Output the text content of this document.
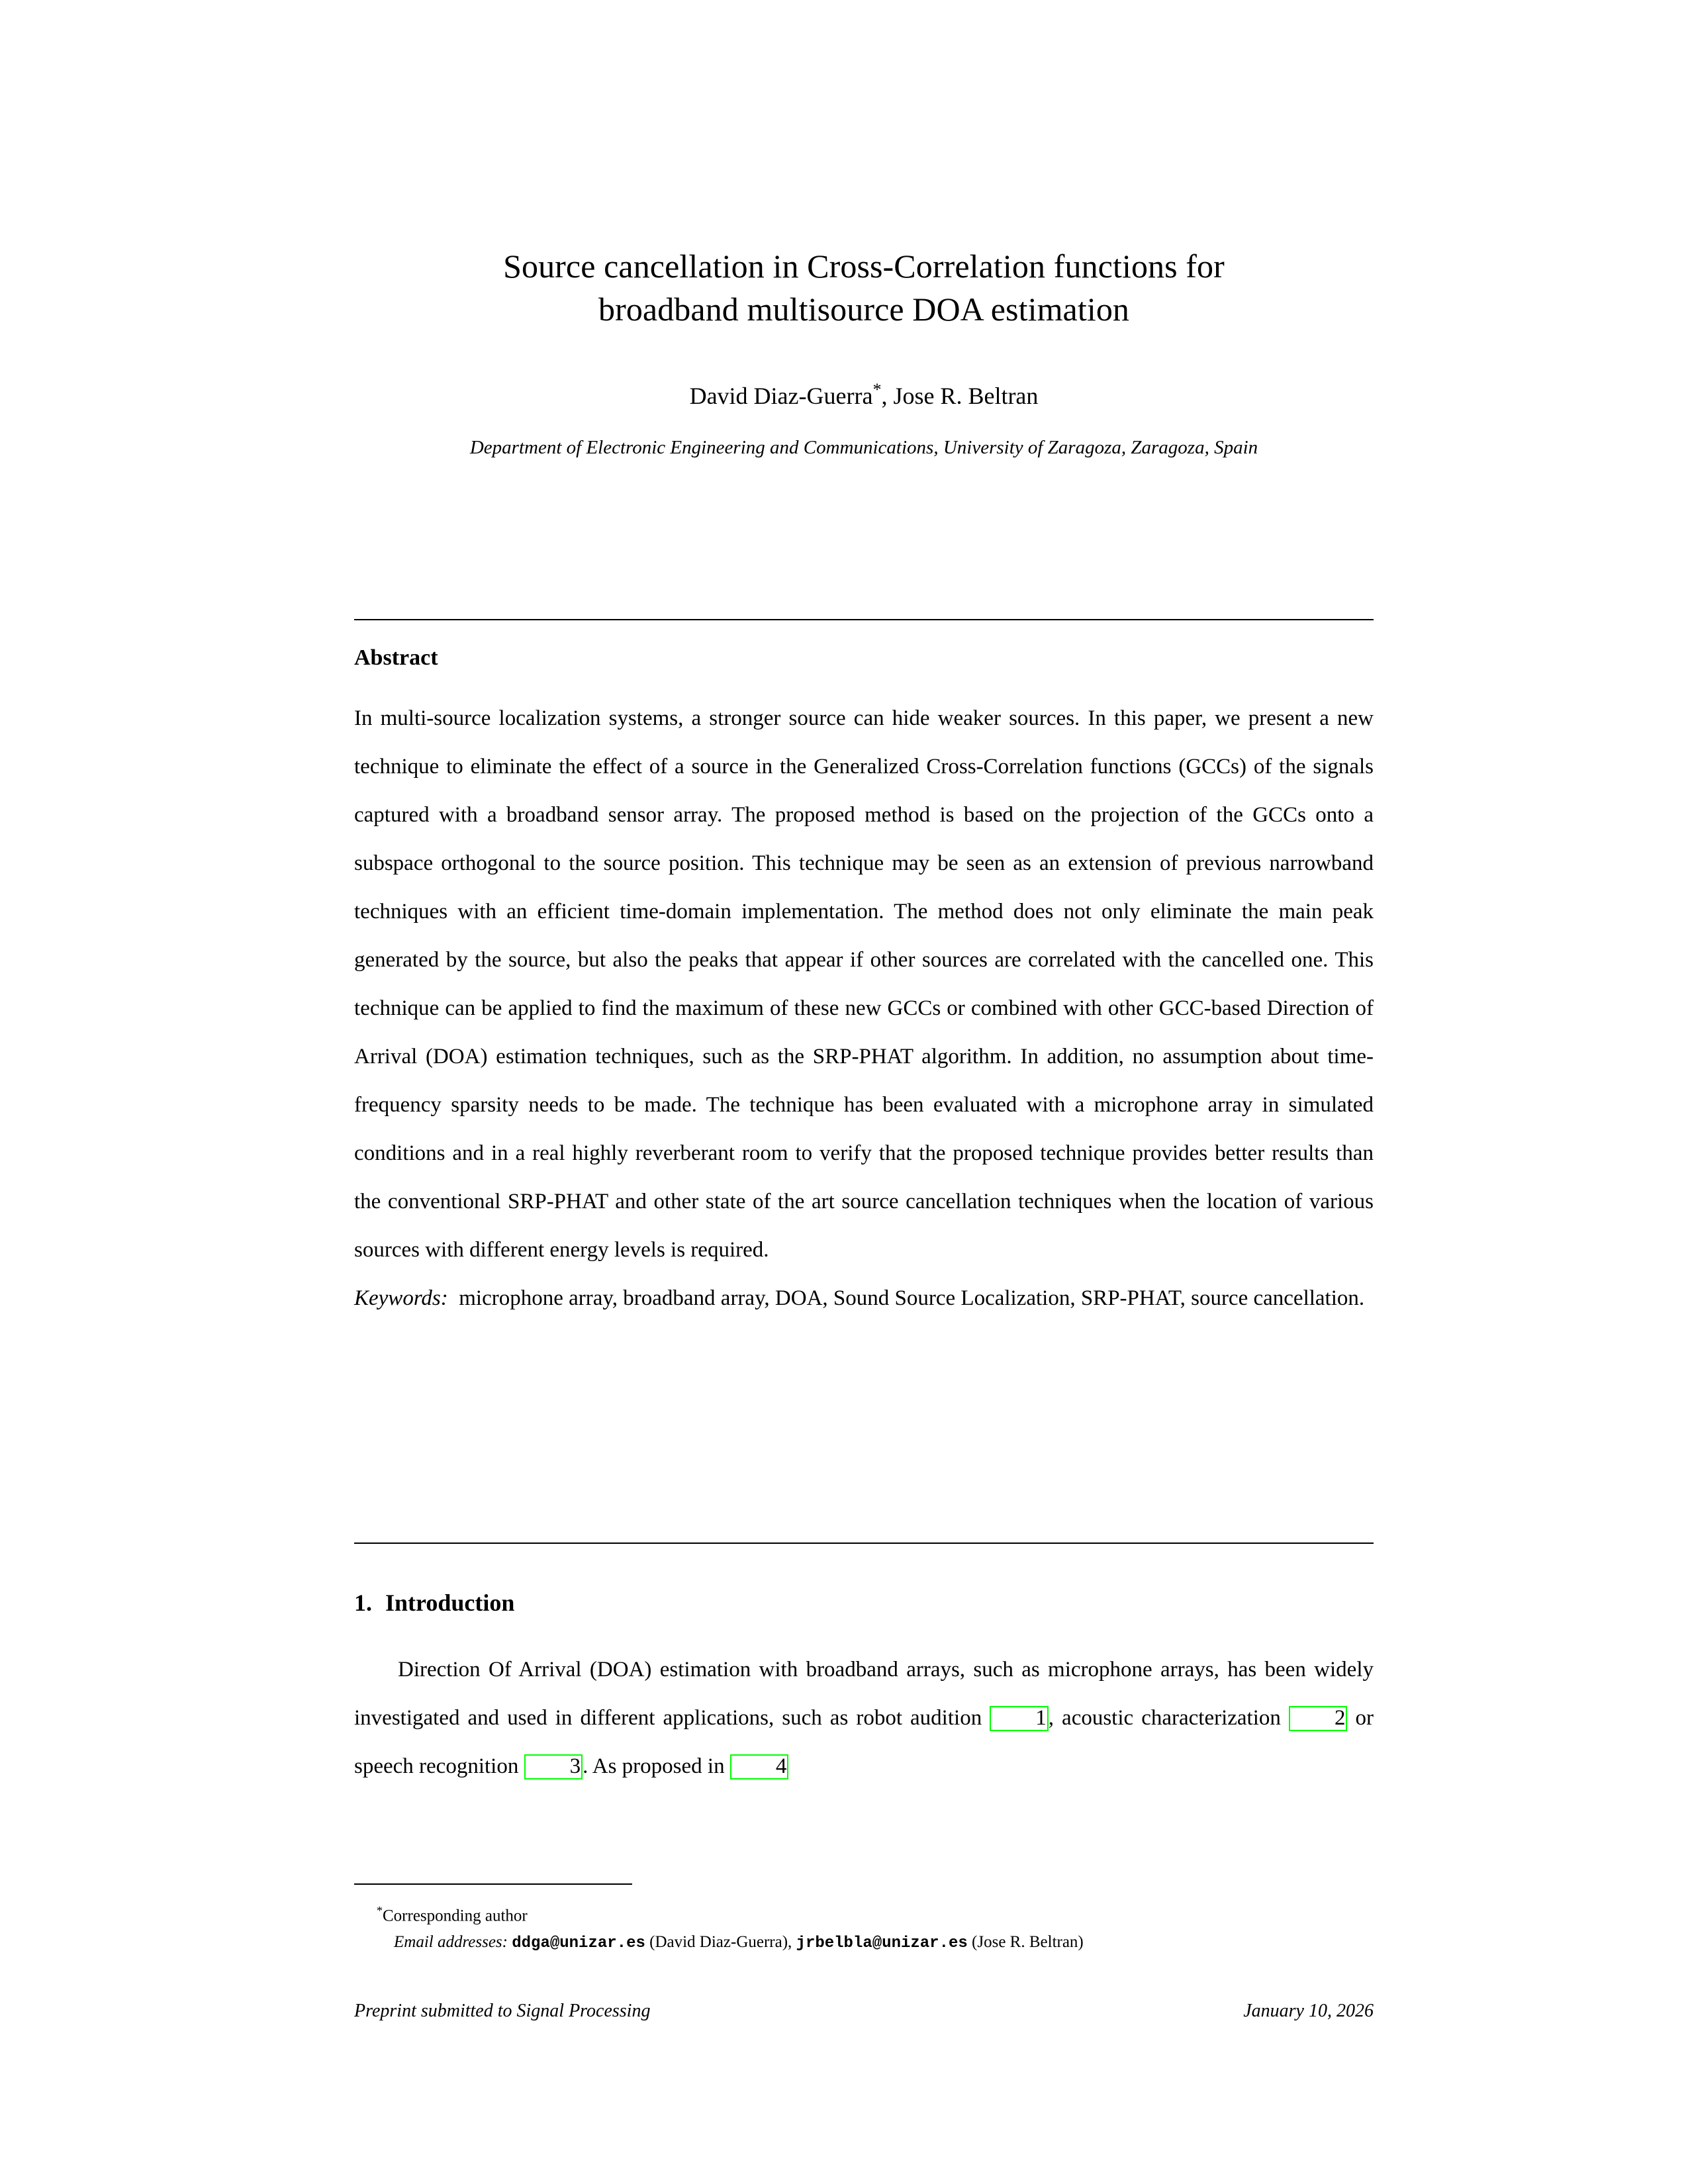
Source cancellation in Cross-Correlation functions for
broadband multisource DOA estimation
David Diaz-Guerra*, Jose R. Beltran
Department of Electronic Engineering and Communications, University of Zaragoza, Zaragoza, Spain
Abstract
In multi-source localization systems, a stronger source can hide weaker sources. In this paper, we present a new technique to eliminate the effect of a source in the Generalized Cross-Correlation functions (GCCs) of the signals captured with a broadband sensor array. The proposed method is based on the projection of the GCCs onto a subspace orthogonal to the source position. This technique may be seen as an extension of previous narrowband techniques with an efficient time-domain implementation. The method does not only eliminate the main peak generated by the source, but also the peaks that appear if other sources are correlated with the cancelled one. This technique can be applied to find the maximum of these new GCCs or combined with other GCC-based Direction of Arrival (DOA) estimation techniques, such as the SRP-PHAT algorithm. In addition, no assumption about time-frequency sparsity needs to be made. The technique has been evaluated with a microphone array in simulated conditions and in a real highly reverberant room to verify that the proposed technique provides better results than the conventional SRP-PHAT and other state of the art source cancellation techniques when the location of various sources with different energy levels is required.
Keywords: microphone array, broadband array, DOA, Sound Source Localization, SRP-PHAT, source cancellation.
1. Introduction
Direction Of Arrival (DOA) estimation with broadband arrays, such as microphone arrays, has been widely investigated and used in different applications, such as robot audition 1, acoustic characterization 2 or speech recognition 3. As proposed in 4
*Corresponding author
Email addresses: ddga@unizar.es (David Diaz-Guerra), jrbelbla@unizar.es (Jose R. Beltran)
Preprint submitted to Signal Processing	January 10, 2026
